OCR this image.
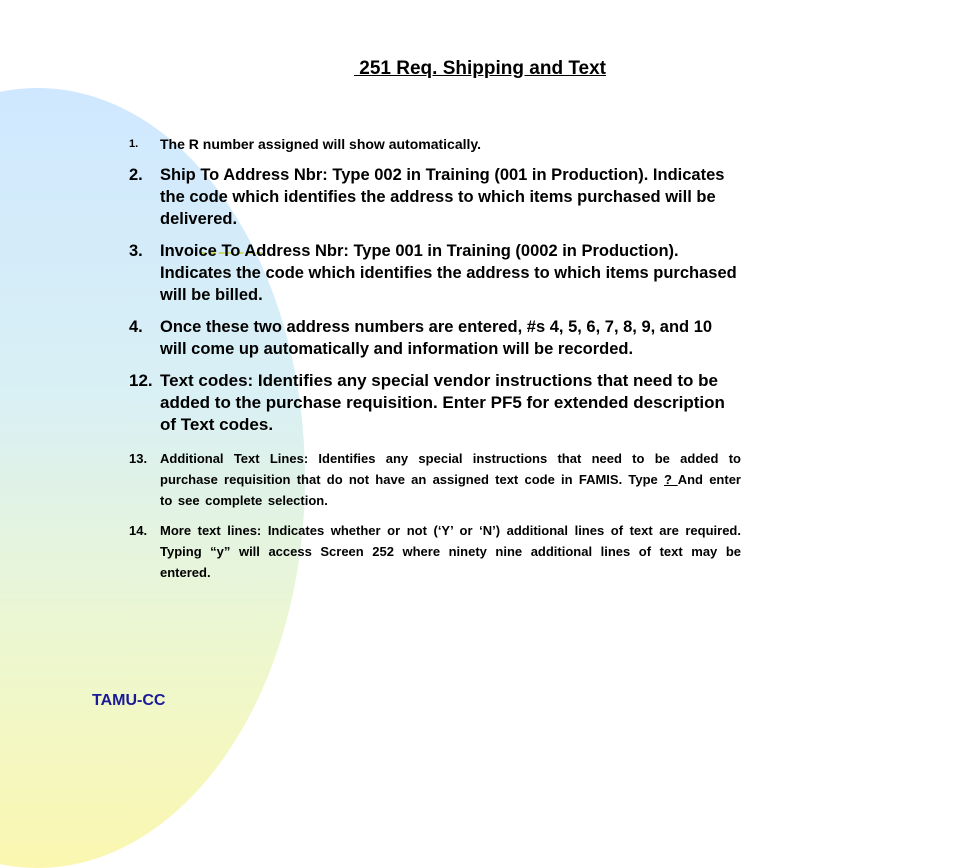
251 Req. Shipping and Text
1.	The R number assigned will show automatically.
2.	Ship To Address Nbr: Type 002 in Training (001 in Production). Indicates the code which identifies the address to which items purchased will be delivered.
3.	Invoice To Address Nbr: Type 001 in Training (0002 in Production). Indicates the code which identifies the address to which items purchased will be billed.
4.	Once these two address numbers are entered, #s 4, 5, 6, 7, 8, 9, and 10 will come up automatically and information will be recorded.
12. Text codes: Identifies any special vendor instructions that need to be added to the purchase requisition. Enter PF5 for extended description of Text codes.
13. Additional Text Lines: Identifies any special instructions that need to be added to purchase requisition that do not have an assigned text code in FAMIS. Type ? And enter to see complete selection.
14. More text lines: Indicates whether or not (‘Y’ or ‘N’) additional lines of text are required. Typing “y” will access Screen 252 where ninety nine additional lines of text may be entered.
TAMU-CC
